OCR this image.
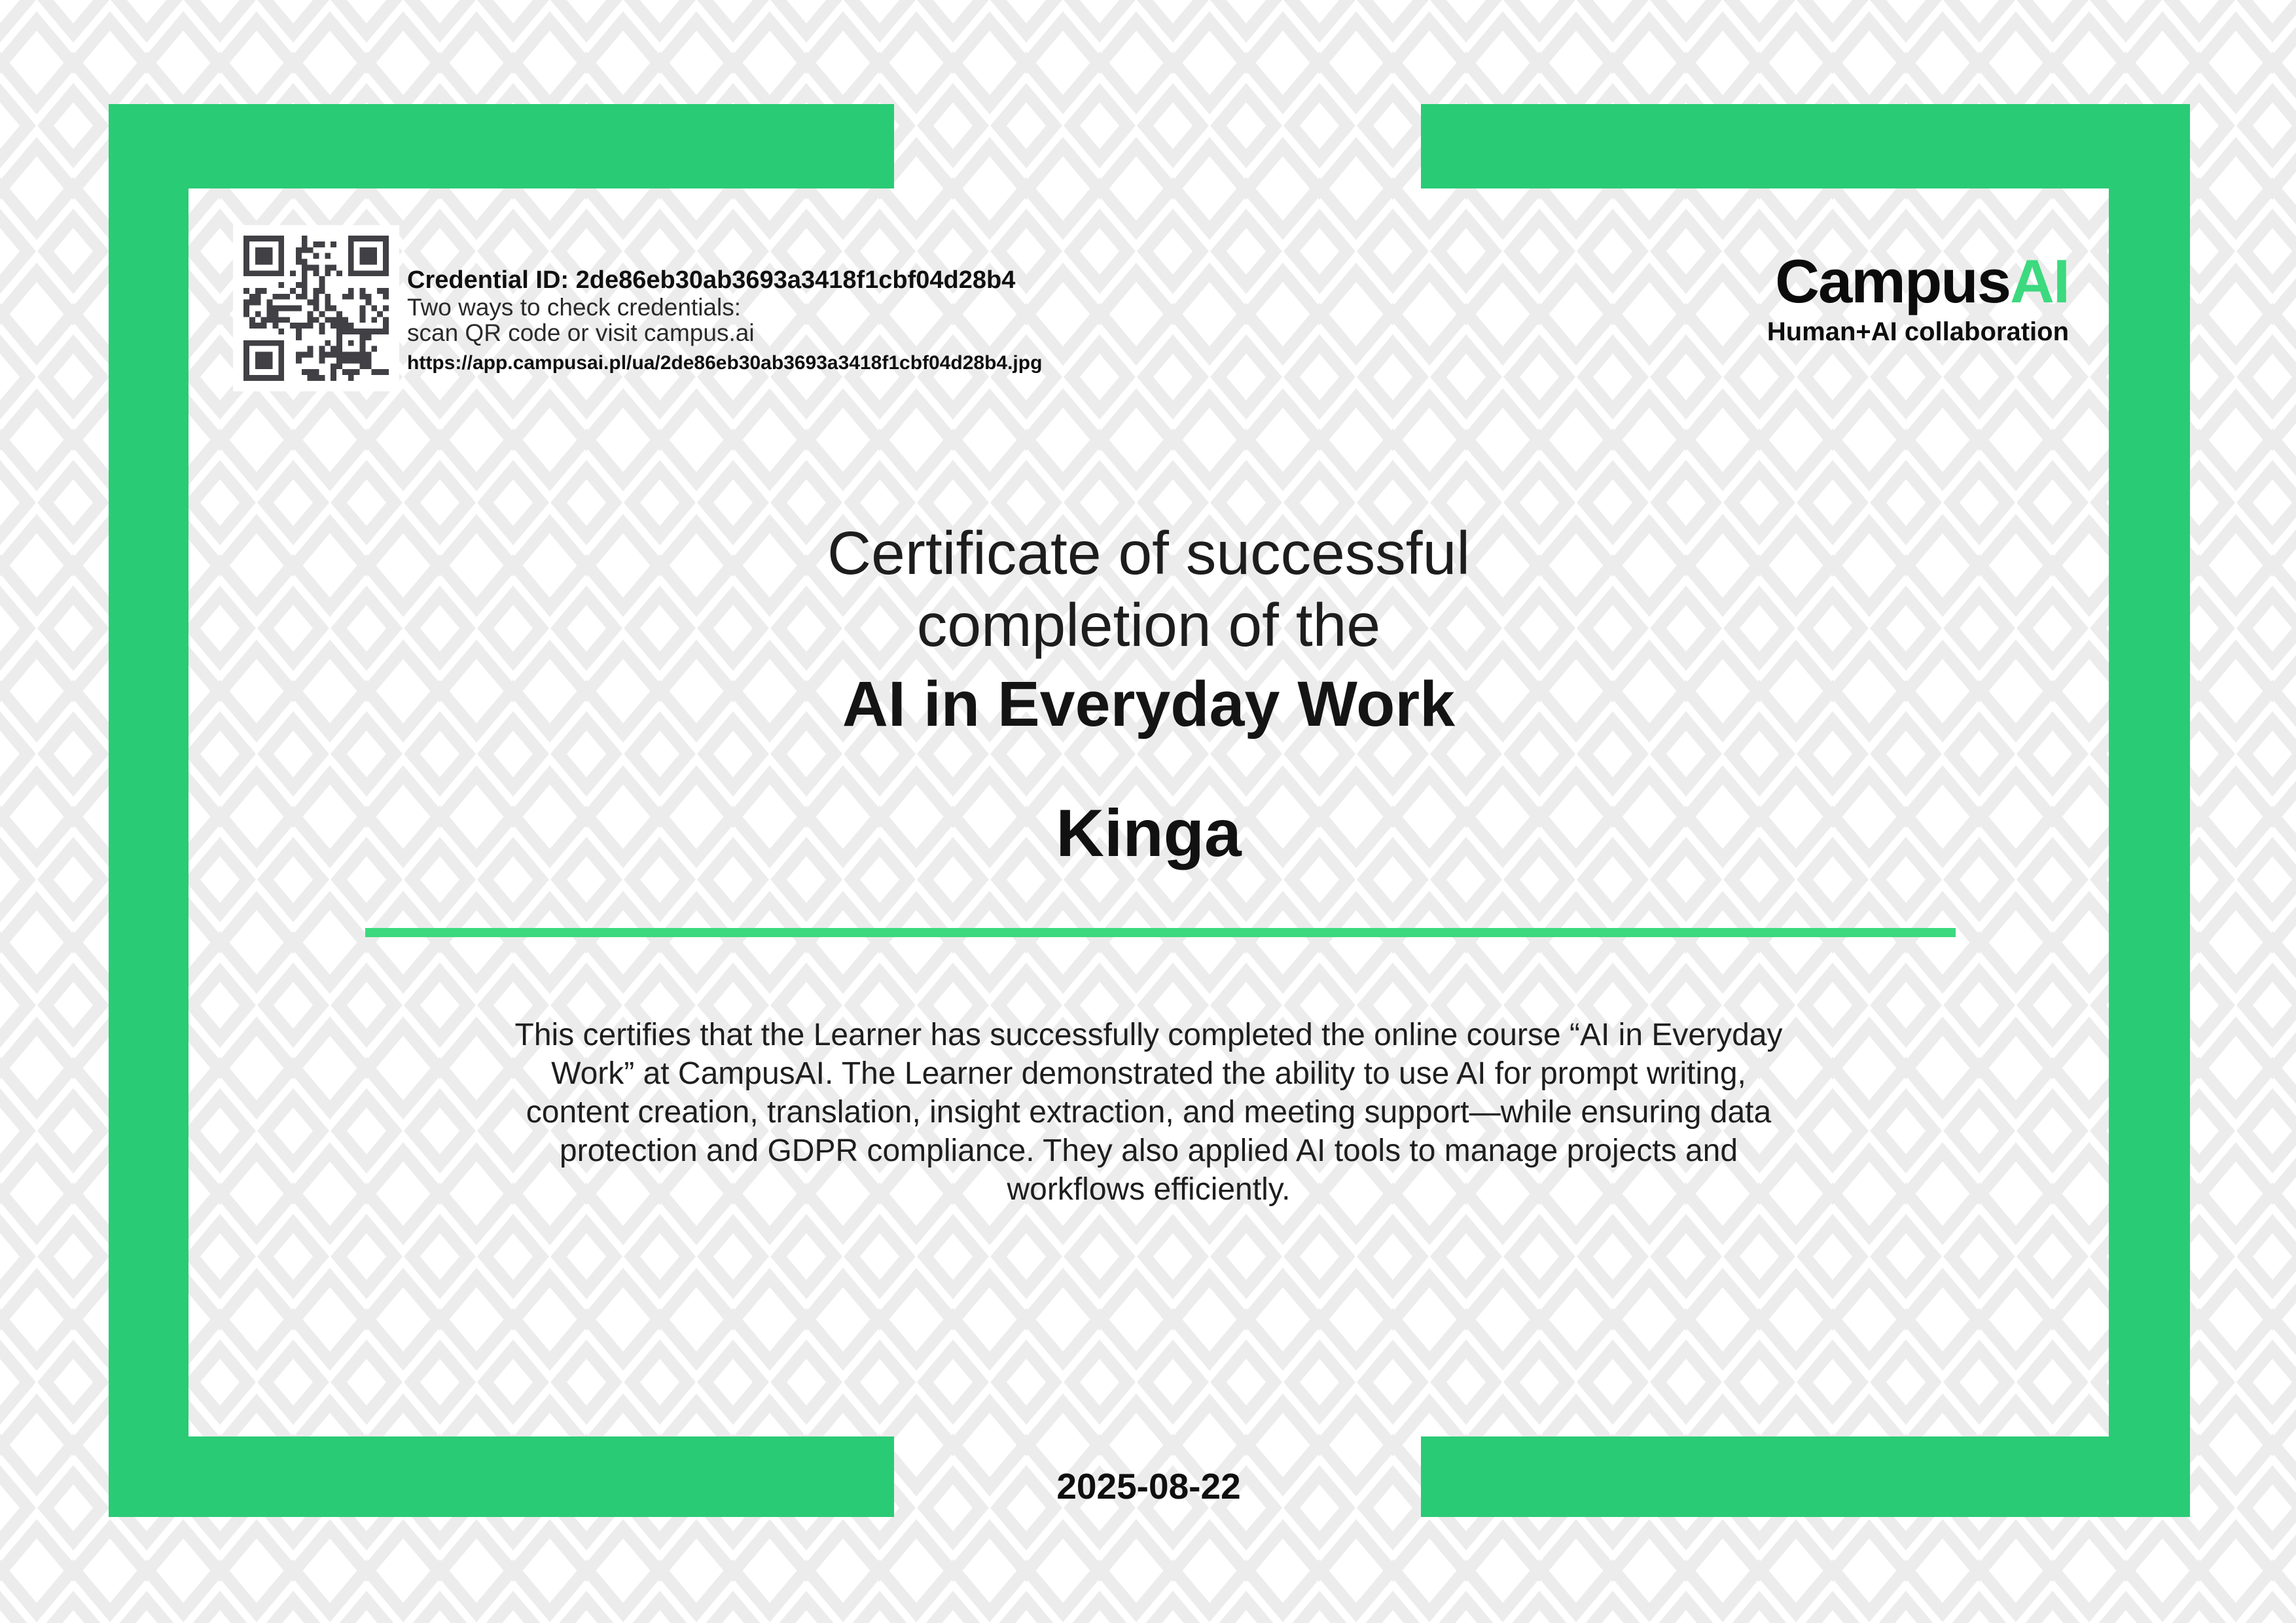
Credential ID: 2de86eb30ab3693a3418f1cbf04d28b4
Two ways to check credentials:
scan QR code or visit campus.ai
https://app.campusai.pl/ua/2de86eb30ab3693a3418f1cbf04d28b4.jpg
CampusAI
Human+AI collaboration
Certificate of successful
completion of the
AI in Everyday Work
Kinga
This certifies that the Learner has successfully completed the online course “AI in Everyday
Work” at CampusAI. The Learner demonstrated the ability to use AI for prompt writing,
content creation, translation, insight extraction, and meeting support—while ensuring data
protection and GDPR compliance. They also applied AI tools to manage projects and
workflows efficiently.
2025-08-22
